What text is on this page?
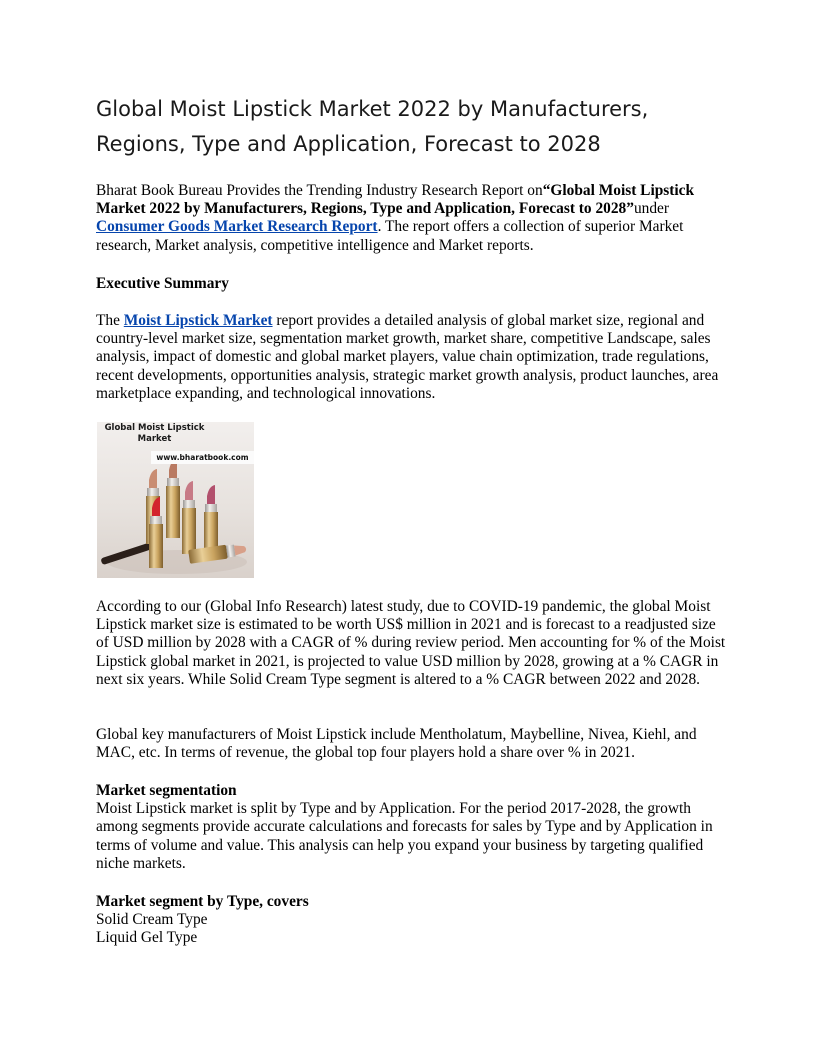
Global Moist Lipstick Market 2022 by Manufacturers, Regions, Type and Application, Forecast to 2028

Bharat Book Bureau Provides the Trending Industry Research Report on“Global Moist Lipstick Market 2022 by Manufacturers, Regions, Type and Application, Forecast to 2028”under
Consumer Goods Market Research Report. The report offers a collection of superior Market research, Market analysis, competitive intelligence and Market reports.

Executive Summary

The Moist Lipstick Market report provides a detailed analysis of global market size, regional and country-level market size, segmentation market growth, market share, competitive Landscape, sales analysis, impact of domestic and global market players, value chain optimization, trade regulations, recent developments, opportunities analysis, strategic market growth analysis, product launches, area marketplace expanding, and technological innovations.

Global Moist Lipstick
Market
www.bharatbook.com

According to our (Global Info Research) latest study, due to COVID-19 pandemic, the global Moist Lipstick market size is estimated to be worth US$ million in 2021 and is forecast to a readjusted size of USD million by 2028 with a CAGR of % during review period. Men accounting for % of the Moist Lipstick global market in 2021, is projected to value USD million by 2028, growing at a % CAGR in next six years. While Solid Cream Type segment is altered to a % CAGR between 2022 and 2028.

Global key manufacturers of Moist Lipstick include Mentholatum, Maybelline, Nivea, Kiehl, and MAC, etc. In terms of revenue, the global top four players hold a share over % in 2021.

Market segmentation
Moist Lipstick market is split by Type and by Application. For the period 2017-2028, the growth among segments provide accurate calculations and forecasts for sales by Type and by Application in terms of volume and value. This analysis can help you expand your business by targeting qualified niche markets.
Market segment by Type, covers
Solid Cream Type
Liquid Gel Type
